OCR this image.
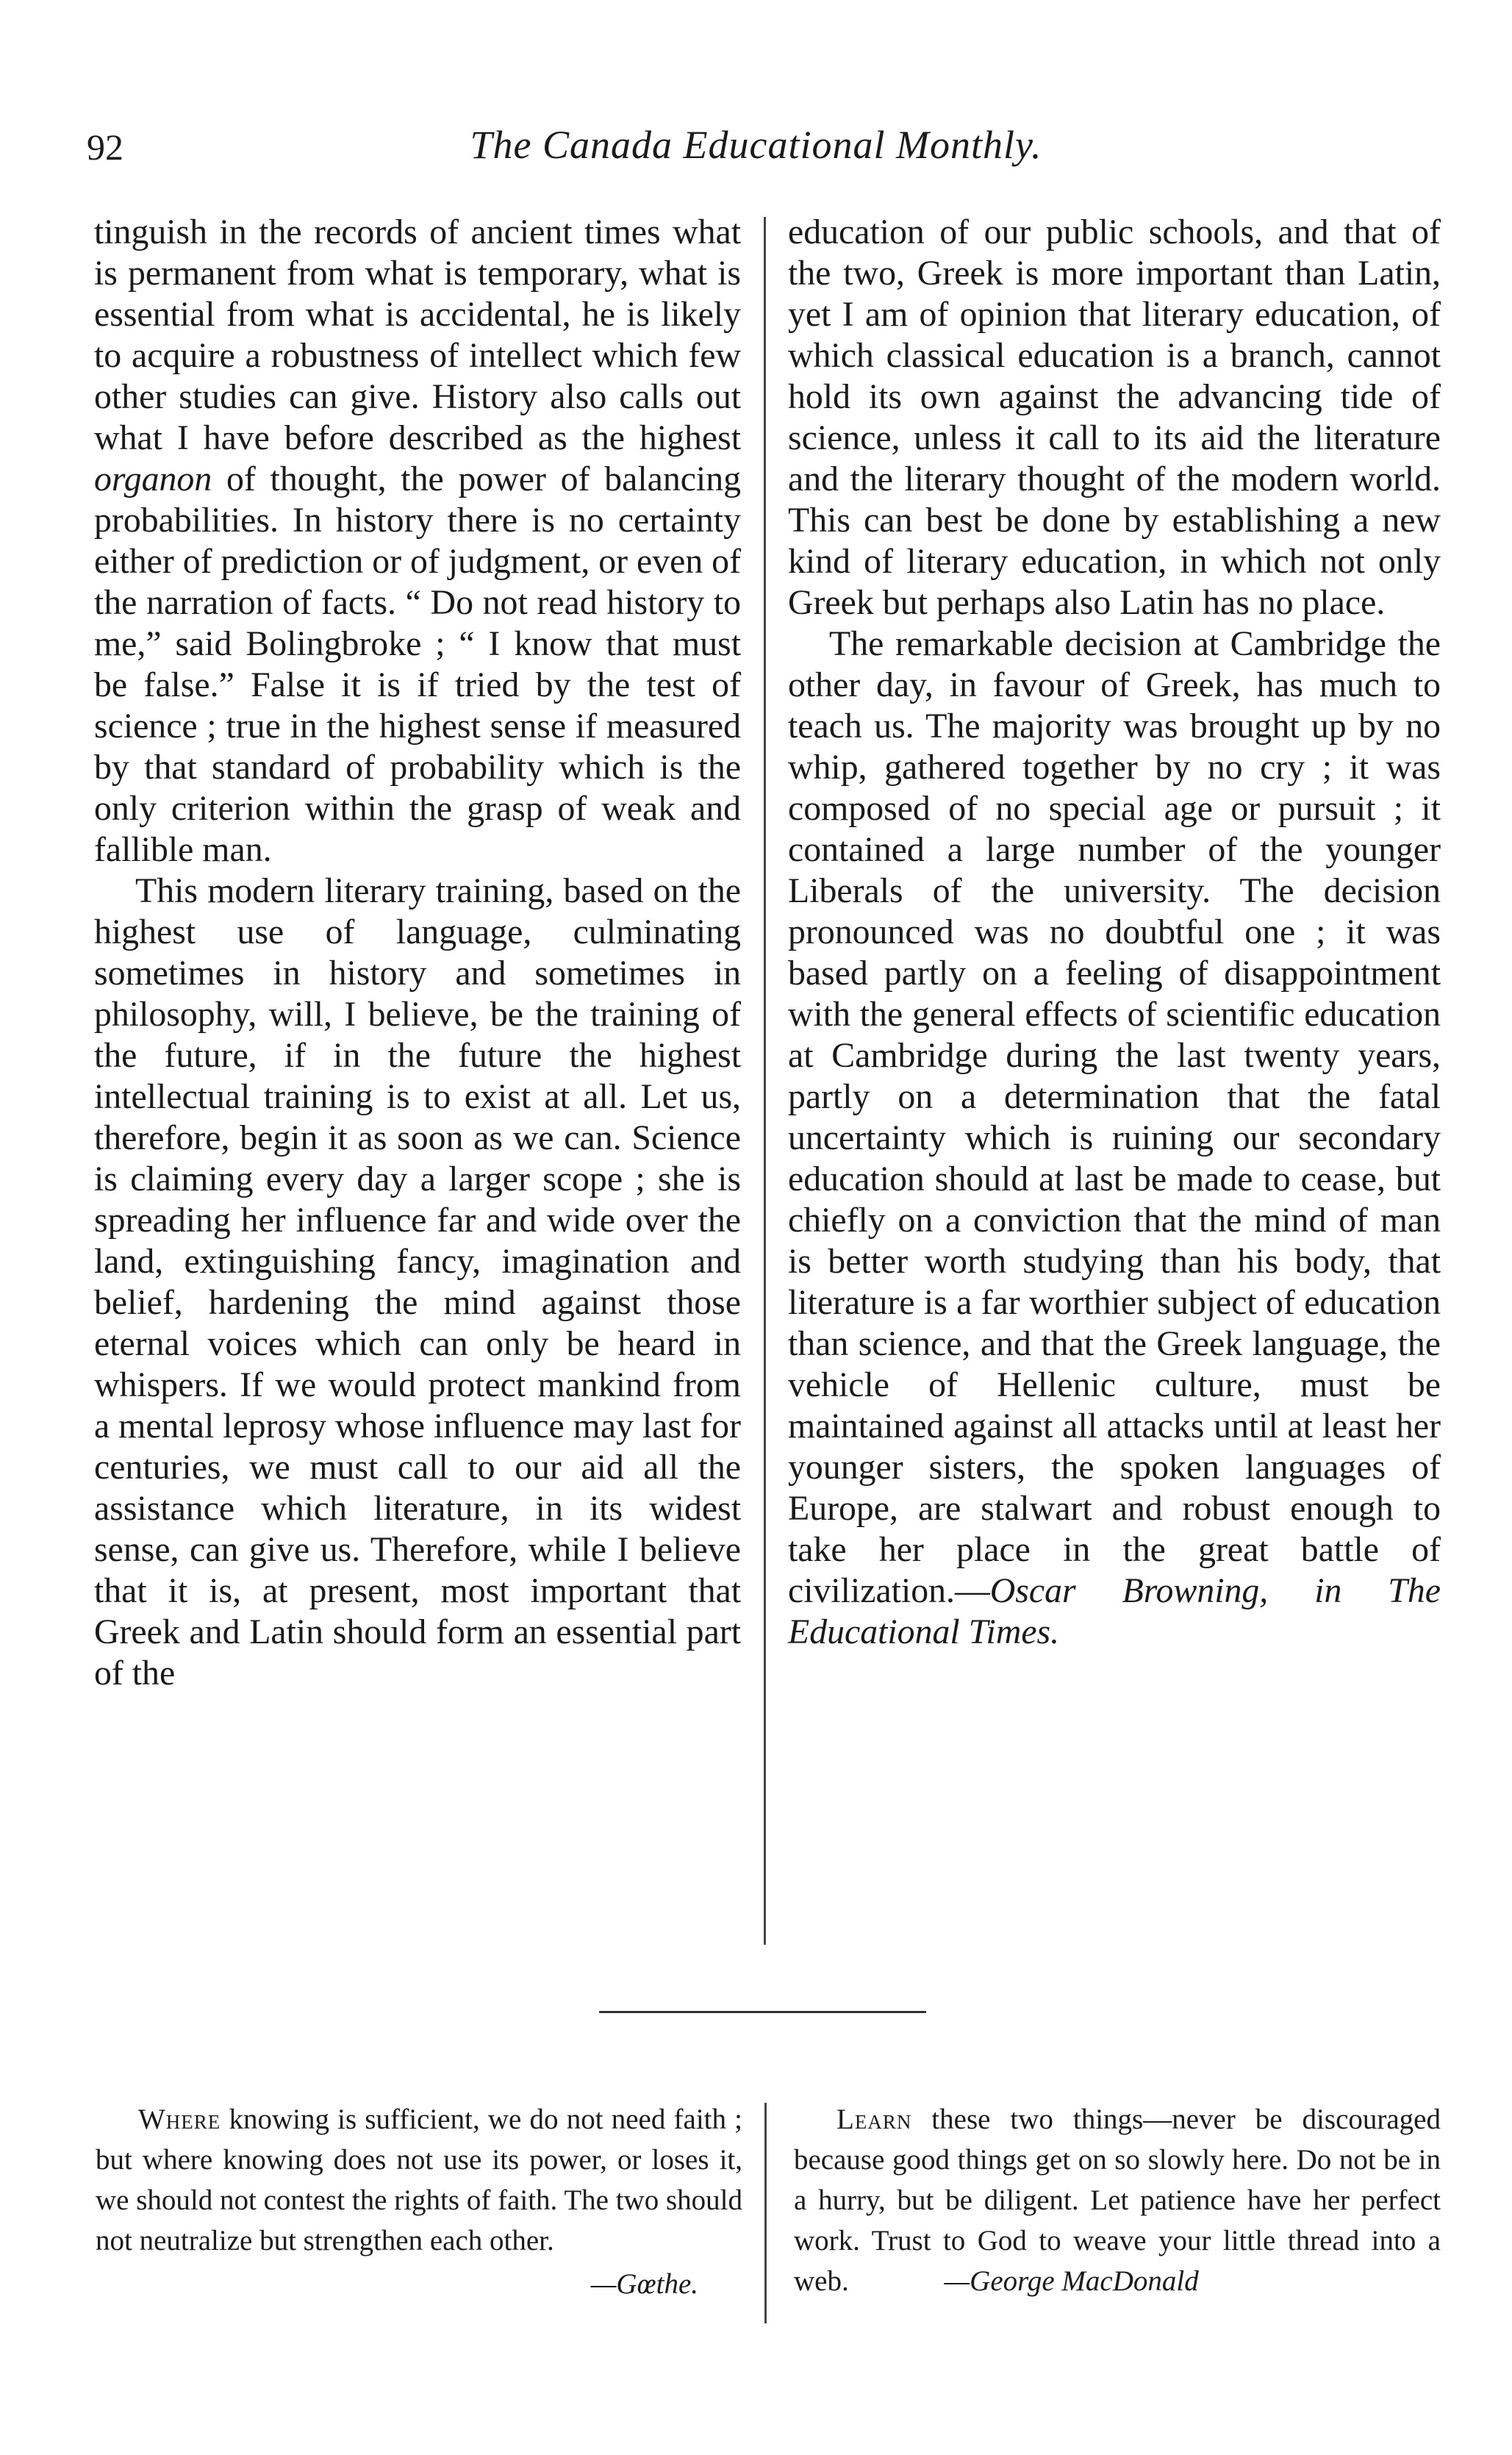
92	The Canada Educational Monthly.

tinguish in the records of ancient times what is permanent from what is temporary, what is essential from what is accidental, he is likely to acquire a robustness of intellect which few other studies can give. History also calls out what I have before described as the highest organon of thought, the power of balancing probabilities. In history there is no certainty either of prediction or of judgment, or even of the narration of facts. “ Do not read history to me,” said Bolingbroke ; “ I know that must be false.” False it is if tried by the test of science ; true in the highest sense if measured by that standard of probability which is the only criterion within the grasp of weak and fallible man.

This modern literary training, based on the highest use of language, culminating sometimes in history and sometimes in philosophy, will, I believe, be the training of the future, if in the future the highest intellectual training is to exist at all. Let us, therefore, begin it as soon as we can. Science is claiming every day a larger scope ; she is spreading her influence far and wide over the land, extinguishing fancy, imagination and belief, hardening the mind against those eternal voices which can only be heard in whispers. If we would protect mankind from a mental leprosy whose influence may last for centuries, we must call to our aid all the assistance which literature, in its widest sense, can give us. Therefore, while I believe that it is, at present, most important that Greek and Latin should form an essential part of the

education of our public schools, and that of the two, Greek is more important than Latin, yet I am of opinion that literary education, of which classical education is a branch, cannot hold its own against the advancing tide of science, unless it call to its aid the literature and the literary thought of the modern world. This can best be done by establishing a new kind of literary education, in which not only Greek but perhaps also Latin has no place.

The remarkable decision at Cambridge the other day, in favour of Greek, has much to teach us. The majority was brought up by no whip, gathered together by no cry ; it was composed of no special age or pursuit ; it contained a large number of the younger Liberals of the university. The decision pronounced was no doubtful one ; it was based partly on a feeling of disappointment with the general effects of scientific education at Cambridge during the last twenty years, partly on a determination that the fatal uncertainty which is ruining our secondary education should at last be made to cease, but chiefly on a conviction that the mind of man is better worth studying than his body, that literature is a far worthier subject of education than science, and that the Greek language, the vehicle of Hellenic culture, must be maintained against all attacks until at least her younger sisters, the spoken languages of Europe, are stalwart and robust enough to take her place in the great battle of civilization.—Oscar Browning, in The Educational Times.

Where knowing is sufficient, we do not need faith ; but where knowing does not use its power, or loses it, we should not contest the rights of faith. The two should not neutralize but strengthen each other.

—Gœthe.

Learn these two things—never be discouraged because good things get on so slowly here. Do not be in a hurry, but be diligent. Let patience have her perfect work. Trust to God to weave your little thread into a web.	—George MacDonald
